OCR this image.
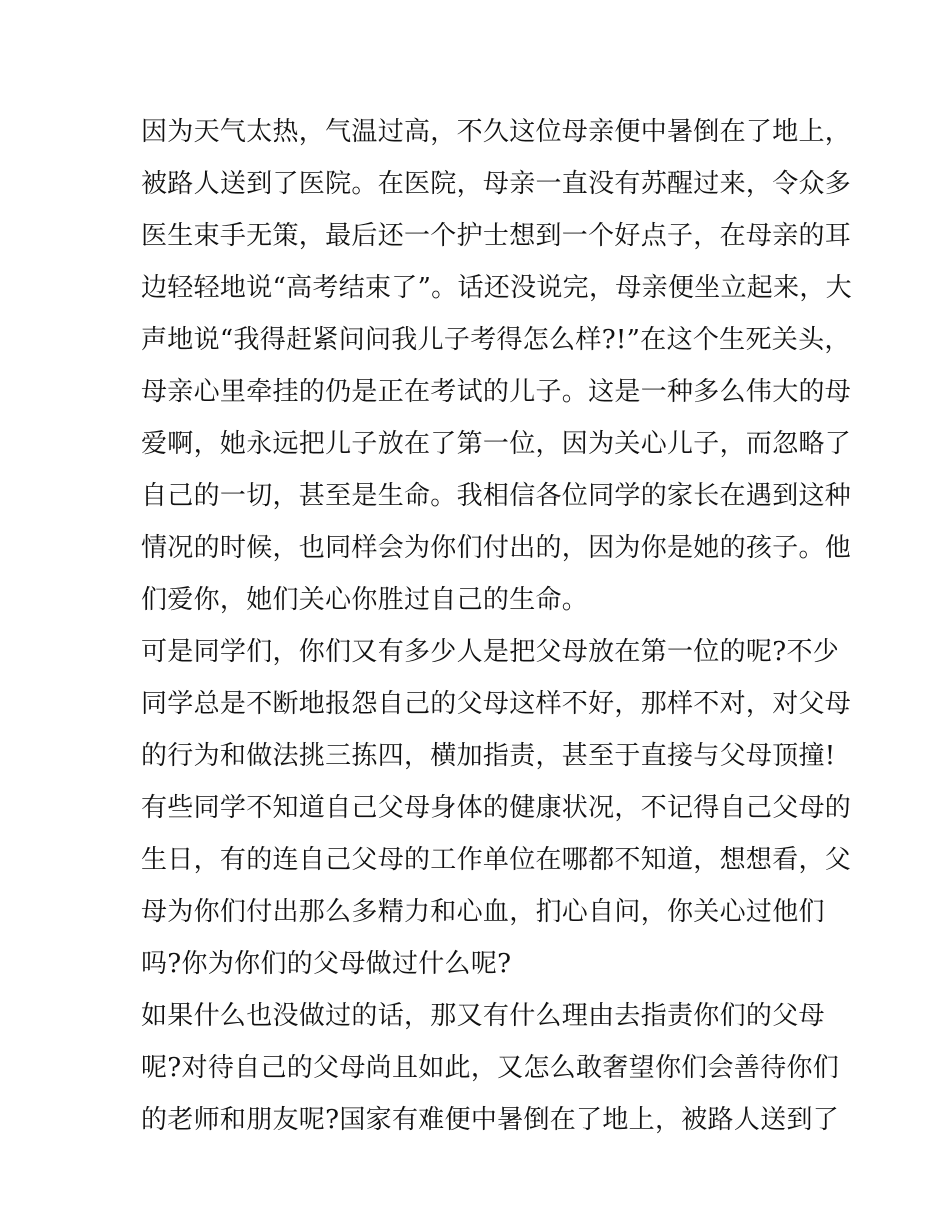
因为天气太热，气温过高，不久这位母亲便中暑倒在了地上，
被路人送到了医院。在医院，母亲一直没有苏醒过来，令众多
医生束手无策，最后还一个护士想到一个好点子，在母亲的耳
边轻轻地说“高考结束了”。话还没说完，母亲便坐立起来，大
声地说“我得赶紧问问我儿子考得怎么样?!”在这个生死关头，
母亲心里牵挂的仍是正在考试的儿子。这是一种多么伟大的母
爱啊，她永远把儿子放在了第一位，因为关心儿子，而忽略了
自己的一切，甚至是生命。我相信各位同学的家长在遇到这种
情况的时候，也同样会为你们付出的，因为你是她的孩子。他
们爱你，她们关心你胜过自己的生命。
可是同学们，你们又有多少人是把父母放在第一位的呢?不少
同学总是不断地报怨自己的父母这样不好，那样不对，对父母
的行为和做法挑三拣四，横加指责，甚至于直接与父母顶撞!
有些同学不知道自己父母身体的健康状况，不记得自己父母的
生日，有的连自己父母的工作单位在哪都不知道，想想看，父
母为你们付出那么多精力和心血，扪心自问，你关心过他们
吗?你为你们的父母做过什么呢?
如果什么也没做过的话，那又有什么理由去指责你们的父母
呢?对待自己的父母尚且如此，又怎么敢奢望你们会善待你们
的老师和朋友呢?国家有难便中暑倒在了地上，被路人送到了
